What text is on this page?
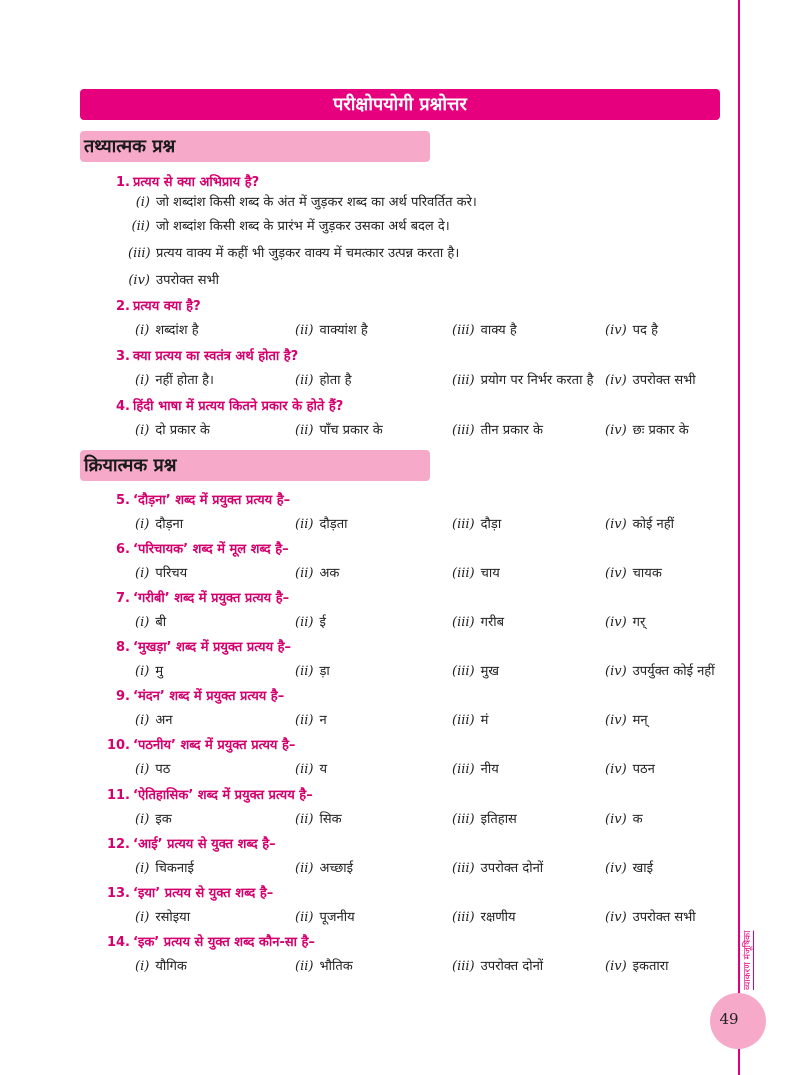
व्याकरण मंजूषिका
49
परीक्षोपयोगी प्रश्नोत्तर
तथ्यात्मक प्रश्न
1. प्रत्यय से क्या अभिप्राय है?
(i) जो शब्दांश किसी शब्द के अंत में जुड़कर शब्द का अर्थ परिवर्तित करे।
(ii) जो शब्दांश किसी शब्द के प्रारंभ में जुड़कर उसका अर्थ बदल दे।
(iii) प्रत्यय वाक्य में कहीं भी जुड़कर वाक्य में चमत्कार उत्पन्न करता है।
(iv) उपरोक्त सभी
2. प्रत्यय क्या है?
(i) शब्दांश है	(ii) वाक्यांश है	(iii) वाक्य है	(iv) पद है
3. क्या प्रत्यय का स्वतंत्र अर्थ होता है?
(i) नहीं होता है।	(ii) होता है	(iii) प्रयोग पर निर्भर करता है (iv) उपरोक्त सभी
4. हिंदी भाषा में प्रत्यय कितने प्रकार के होते हैं?
(i) दो प्रकार के	(ii) पाँच प्रकार के	(iii) तीन प्रकार के	(iv) छः प्रकार के
क्रियात्मक प्रश्न
5. ‘दौड़ना’ शब्द में प्रयुक्त प्रत्यय है–
(i) दौड़ना	(ii) दौड़ता	(iii) दौड़ा	(iv) कोई नहीं
6. ‘परिचायक’ शब्द में मूल शब्द है–
(i) परिचय	(ii) अक	(iii) चाय	(iv) चायक
7. ‘गरीबी’ शब्द में प्रयुक्त प्रत्यय है–
(i) बी	(ii) ई	(iii) गरीब	(iv) गर्
8. ‘मुखड़ा’ शब्द में प्रयुक्त प्रत्यय है–
(i) मु	(ii) ड़ा	(iii) मुख	(iv) उपर्युक्त कोई नहीं
9. ‘मंदन’ शब्द में प्रयुक्त प्रत्यय है–
(i) अन	(ii) न	(iii) मं	(iv) मन्
10. ‘पठनीय’ शब्द में प्रयुक्त प्रत्यय है–
(i) पठ	(ii) य	(iii) नीय	(iv) पठन
11. ‘ऐतिहासिक’ शब्द में प्रयुक्त प्रत्यय है–
(i) इक	(ii) सिक	(iii) इतिहास	(iv) क
12. ‘आई’ प्रत्यय से युक्त शब्द है–
(i) चिकनाई	(ii) अच्छाई	(iii) उपरोक्त दोनों	(iv) खाई
13. ‘इया’ प्रत्यय से युक्त शब्द है–
(i) रसोइया	(ii) पूजनीय	(iii) रक्षणीय	(iv) उपरोक्त सभी
14. ‘इक’ प्रत्यय से युक्त शब्द कौन-सा है–
(i) यौगिक	(ii) भौतिक	(iii) उपरोक्त दोनों	(iv) इकतारा
